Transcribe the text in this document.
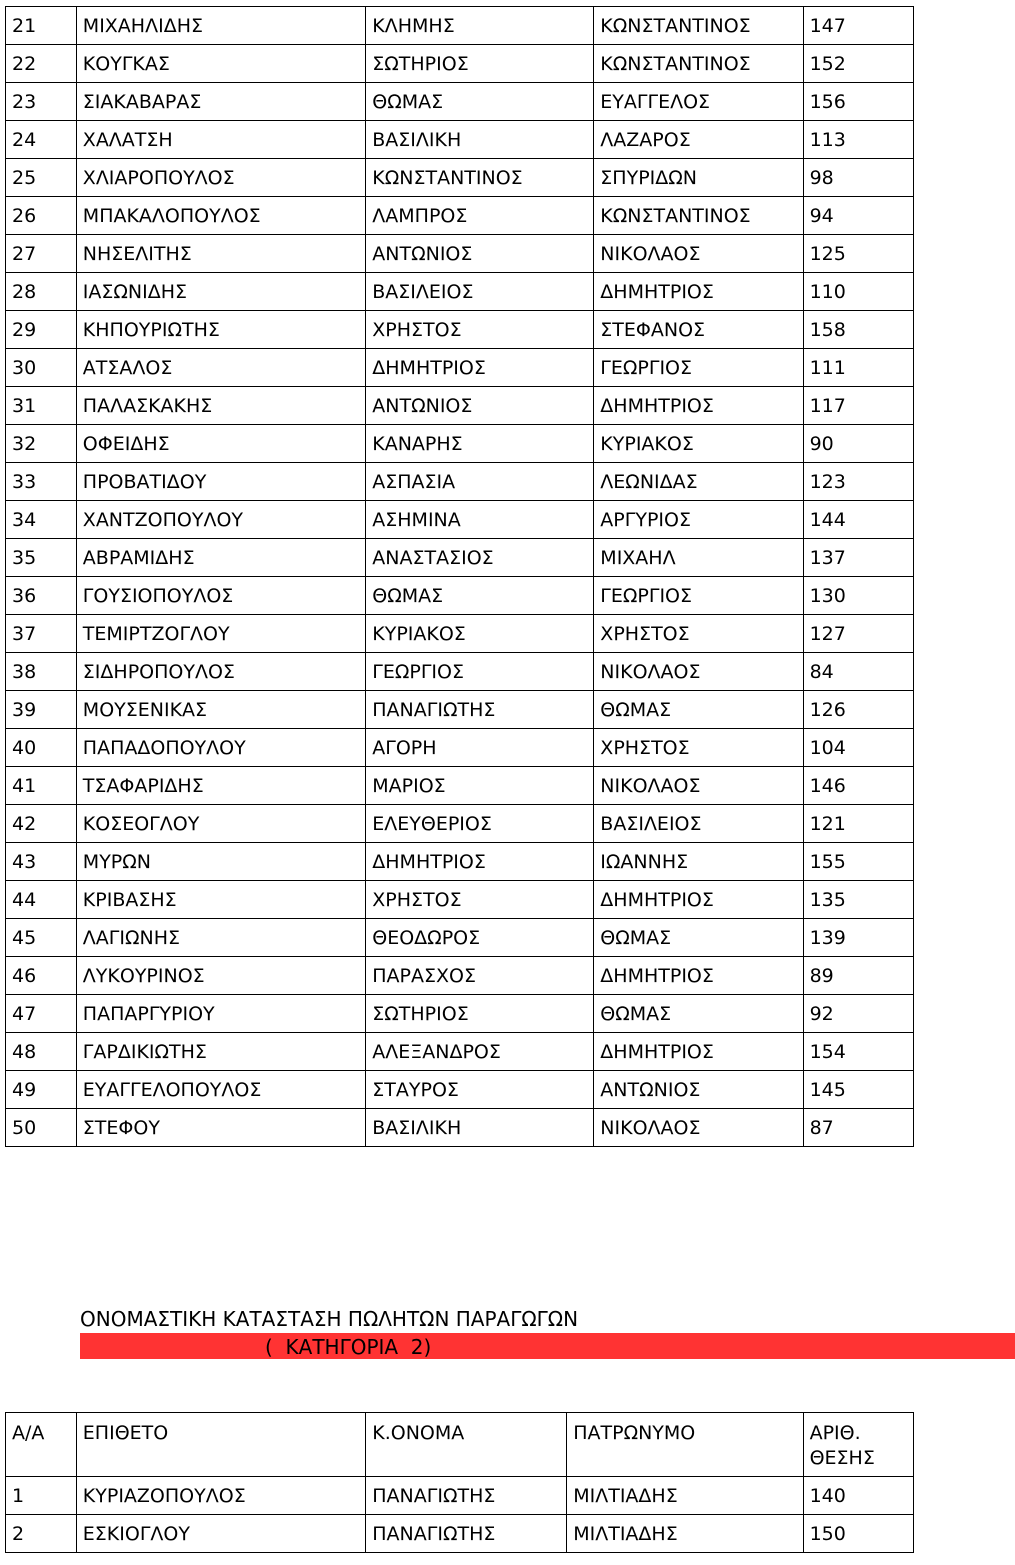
21	ΜΙΧΑΗΛΙΔΗΣ	ΚΛΗΜΗΣ	ΚΩΝΣΤΑΝΤΙΝΟΣ	147
22	ΚΟΥΓΚΑΣ	ΣΩΤΗΡΙΟΣ	ΚΩΝΣΤΑΝΤΙΝΟΣ	152
23	ΣΙΑΚΑΒΑΡΑΣ	ΘΩΜΑΣ	ΕΥΑΓΓΕΛΟΣ	156
24	ΧΑΛΑΤΣΗ	ΒΑΣΙΛΙΚΗ	ΛΑΖΑΡΟΣ	113
25	ΧΛΙΑΡΟΠΟΥΛΟΣ	ΚΩΝΣΤΑΝΤΙΝΟΣ	ΣΠΥΡΙΔΩΝ	98
26	ΜΠΑΚΑΛΟΠΟΥΛΟΣ	ΛΑΜΠΡΟΣ	ΚΩΝΣΤΑΝΤΙΝΟΣ	94
27	ΝΗΣΕΛΙΤΗΣ	ΑΝΤΩΝΙΟΣ	ΝΙΚΟΛΑΟΣ	125
28	ΙΑΣΩΝΙΔΗΣ	ΒΑΣΙΛΕΙΟΣ	ΔΗΜΗΤΡΙΟΣ	110
29	ΚΗΠΟΥΡΙΩΤΗΣ	ΧΡΗΣΤΟΣ	ΣΤΕΦΑΝΟΣ	158
30	ΑΤΣΑΛΟΣ	ΔΗΜΗΤΡΙΟΣ	ΓΕΩΡΓΙΟΣ	111
31	ΠΑΛΑΣΚΑΚΗΣ	ΑΝΤΩΝΙΟΣ	ΔΗΜΗΤΡΙΟΣ	117
32	ΟΦΕΙΔΗΣ	ΚΑΝΑΡΗΣ	ΚΥΡΙΑΚΟΣ	90
33	ΠΡΟΒΑΤΙΔΟΥ	ΑΣΠΑΣΙΑ	ΛΕΩΝΙΔΑΣ	123
34	ΧΑΝΤΖΟΠΟΥΛΟΥ	ΑΣΗΜΙΝΑ	ΑΡΓΥΡΙΟΣ	144
35	ΑΒΡΑΜΙΔΗΣ	ΑΝΑΣΤΑΣΙΟΣ	ΜΙΧΑΗΛ	137
36	ΓΟΥΣΙΟΠΟΥΛΟΣ	ΘΩΜΑΣ	ΓΕΩΡΓΙΟΣ	130
37	ΤΕΜΙΡΤΖΟΓΛΟΥ	ΚΥΡΙΑΚΟΣ	ΧΡΗΣΤΟΣ	127
38	ΣΙΔΗΡΟΠΟΥΛΟΣ	ΓΕΩΡΓΙΟΣ	ΝΙΚΟΛΑΟΣ	84
39	ΜΟΥΣΕΝΙΚΑΣ	ΠΑΝΑΓΙΩΤΗΣ	ΘΩΜΑΣ	126
40	ΠΑΠΑΔΟΠΟΥΛΟΥ	ΑΓΟΡΗ	ΧΡΗΣΤΟΣ	104
41	ΤΣΑΦΑΡΙΔΗΣ	ΜΑΡΙΟΣ	ΝΙΚΟΛΑΟΣ	146
42	ΚΟΣΕΟΓΛΟΥ	ΕΛΕΥΘΕΡΙΟΣ	ΒΑΣΙΛΕΙΟΣ	121
43	ΜΥΡΩΝ	ΔΗΜΗΤΡΙΟΣ	ΙΩΑΝΝΗΣ	155
44	ΚΡΙΒΑΣΗΣ	ΧΡΗΣΤΟΣ	ΔΗΜΗΤΡΙΟΣ	135
45	ΛΑΓΙΩΝΗΣ	ΘΕΟΔΩΡΟΣ	ΘΩΜΑΣ	139
46	ΛΥΚΟΥΡΙΝΟΣ	ΠΑΡΑΣΧΟΣ	ΔΗΜΗΤΡΙΟΣ	89
47	ΠΑΠΑΡΓΥΡΙΟΥ	ΣΩΤΗΡΙΟΣ	ΘΩΜΑΣ	92
48	ΓΑΡΔΙΚΙΩΤΗΣ	ΑΛΕΞΑΝΔΡΟΣ	ΔΗΜΗΤΡΙΟΣ	154
49	ΕΥΑΓΓΕΛΟΠΟΥΛΟΣ	ΣΤΑΥΡΟΣ	ΑΝΤΩΝΙΟΣ	145
50	ΣΤΕΦΟΥ	ΒΑΣΙΛΙΚΗ	ΝΙΚΟΛΑΟΣ	87
ΟΝΟΜΑΣΤΙΚΗ ΚΑΤΑΣΤΑΣΗ ΠΩΛΗΤΩΝ ΠΑΡΑΓΩΓΩΝ
(  ΚΑΤΗΓΟΡΙΑ  2)
Α/Α	ΕΠΙΘΕΤΟ	Κ.ΟΝΟΜΑ	ΠΑΤΡΩΝΥΜΟ	ΑΡΙΘ. ΘΕΣΗΣ
1	ΚΥΡΙΑΖΟΠΟΥΛΟΣ	ΠΑΝΑΓΙΩΤΗΣ	ΜΙΛΤΙΑΔΗΣ	140
2	ΕΣΚΙΟΓΛΟΥ	ΠΑΝΑΓΙΩΤΗΣ	ΜΙΛΤΙΑΔΗΣ	150
